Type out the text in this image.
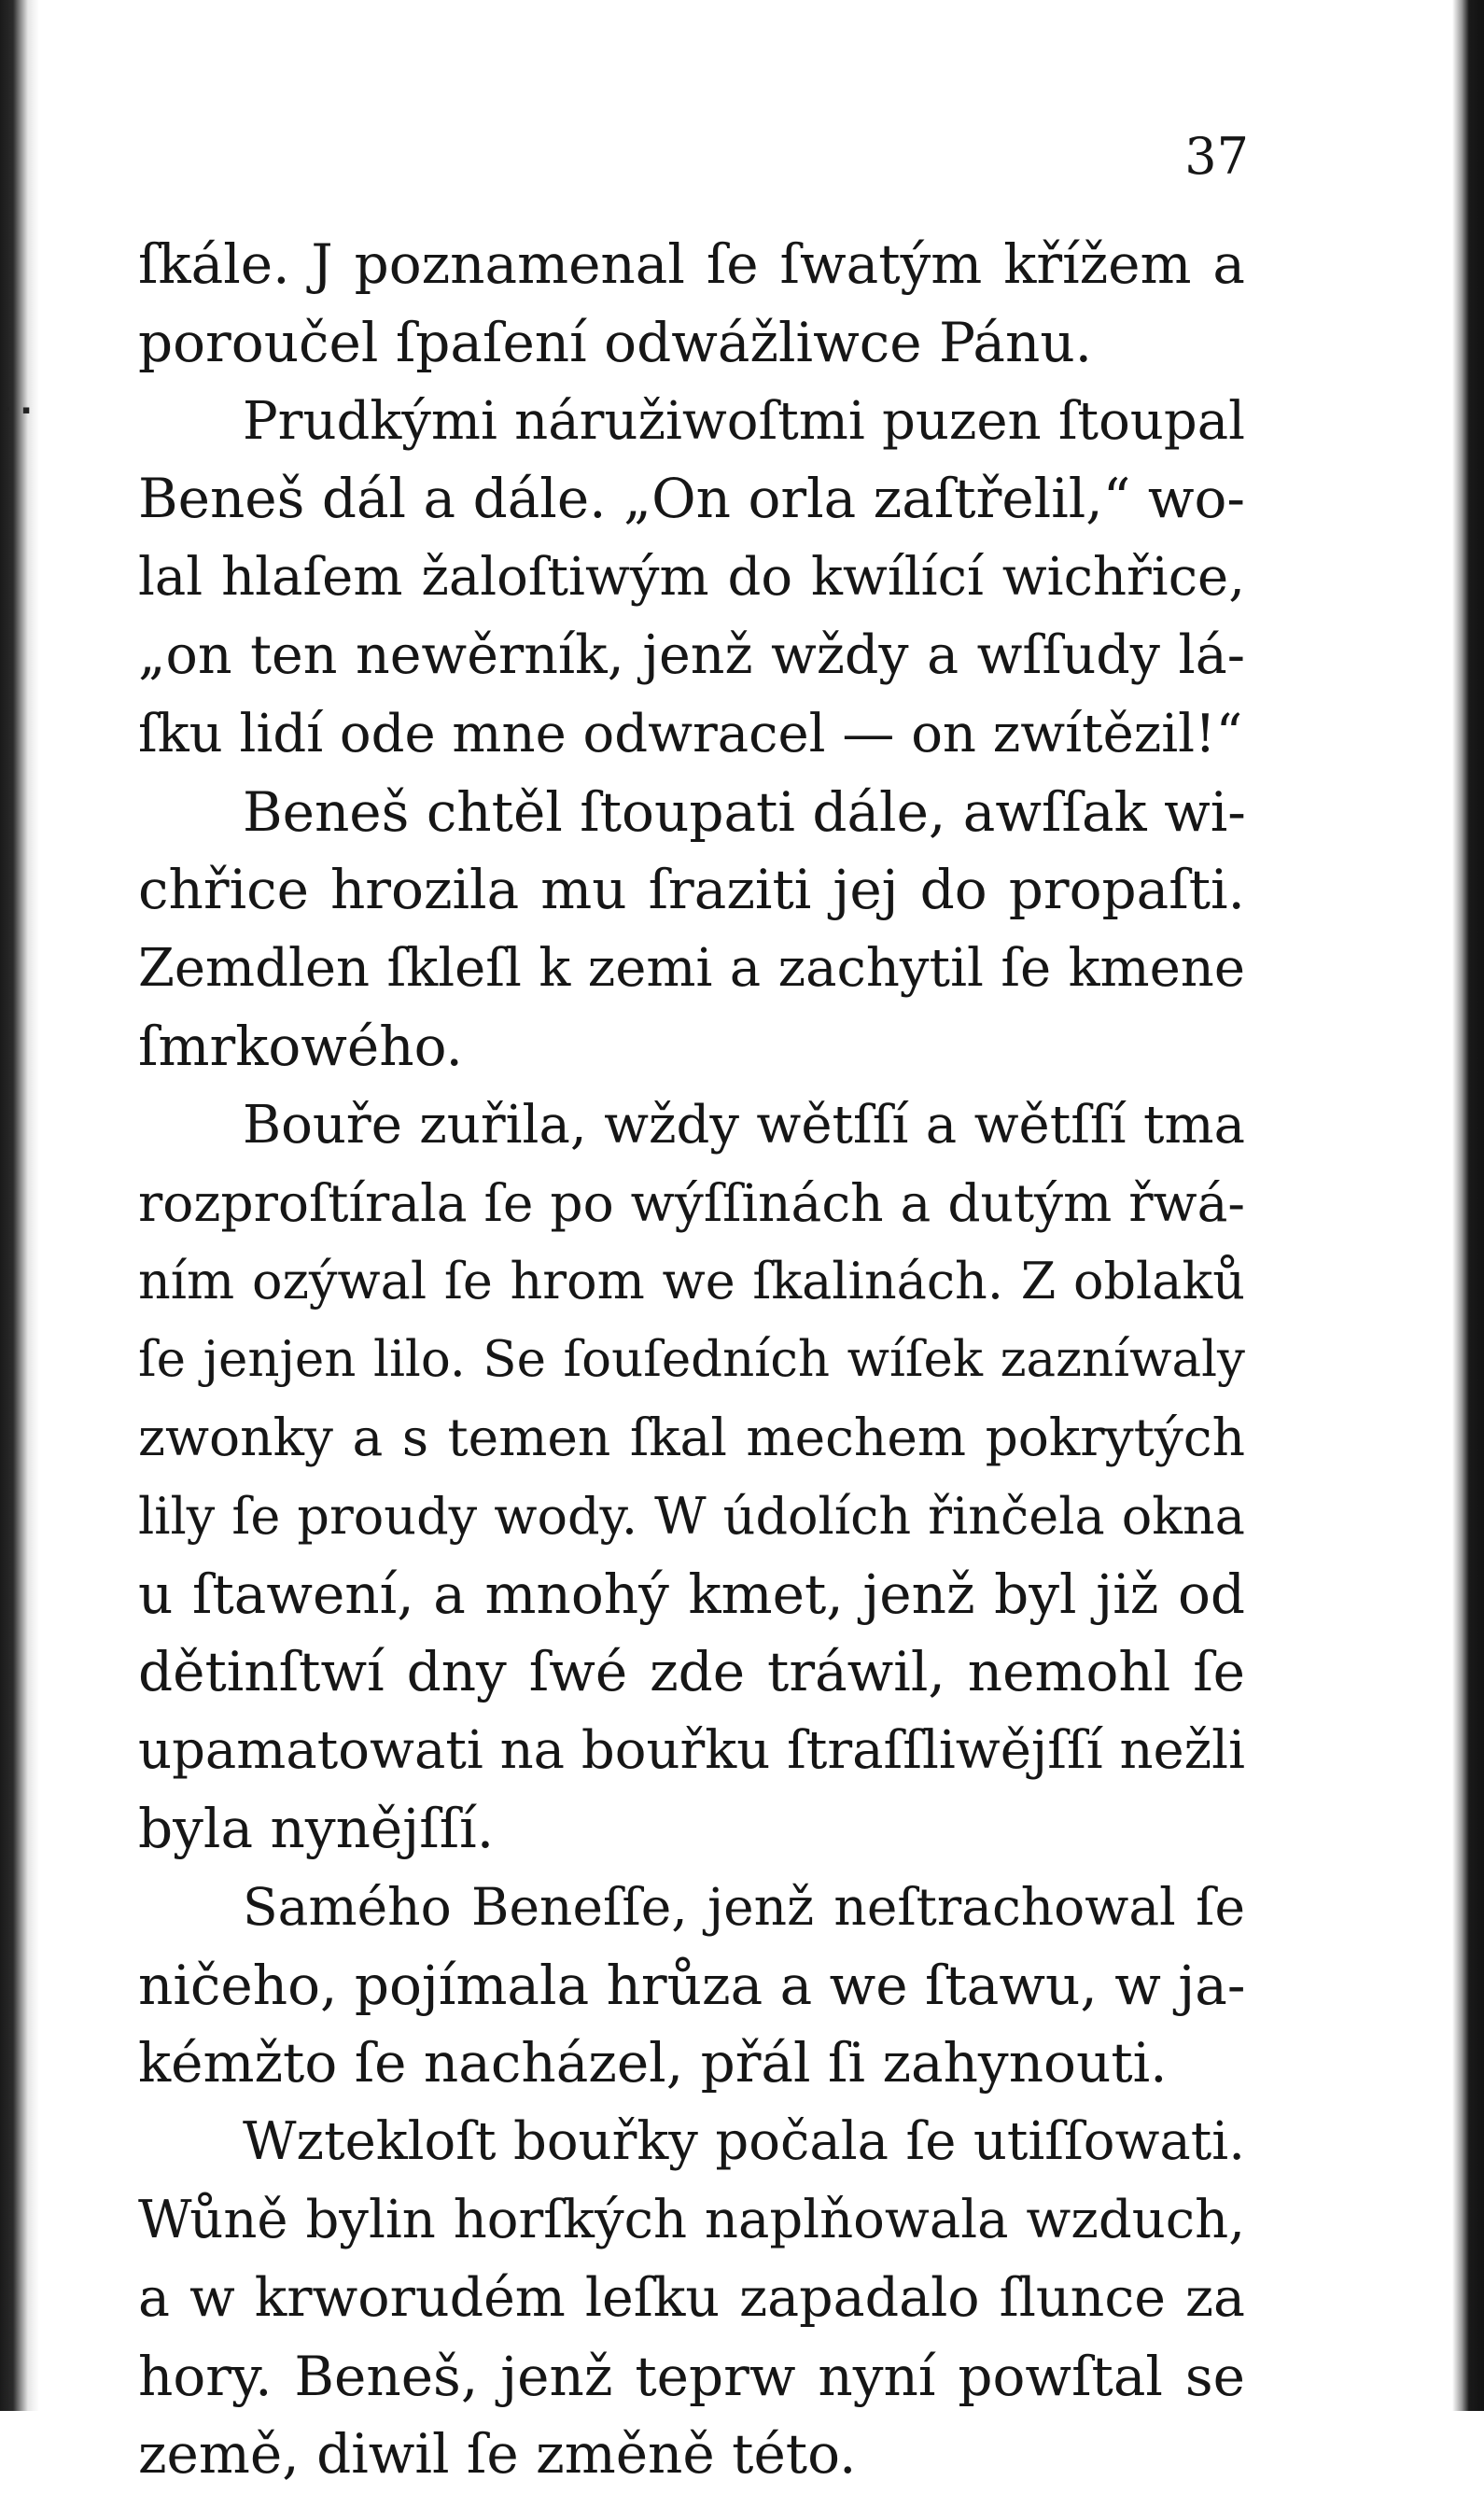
• ▪
37
ſkále. J poznamenal ſe ſwatým křížem a
poroučel ſpaſení odwážliwce Pánu.
Prudkými náružiwoſtmi puzen ſtoupal
Beneš dál a dále. „On orla zaſtřelil,“ wo-
lal hlaſem žaloſtiwým do kwílící wichřice,
„on ten newěrník, jenž wždy a wſſudy lá-
ſku lidí ode mne odwracel — on zwítězil!“
Beneš chtěl ſtoupati dále, awſſak wi-
chřice hrozila mu ſraziti jej do propaſti.
Zemdlen ſkleſl k zemi a zachytil ſe kmene
ſmrkowého.
Bouře zuřila, wždy wětſſí a wětſſí tma
rozproſtírala ſe po wýſſinách a dutým řwá-
ním ozýwal ſe hrom we ſkalinách. Z oblaků
ſe jenjen lilo. Se ſouſedních wíſek zazníwaly
zwonky a s temen ſkal mechem pokrytých
lily ſe proudy wody. W údolích řinčela okna
u ſtawení, a mnohý kmet, jenž byl již od
dětinſtwí dny ſwé zde tráwil, nemohl ſe
upamatowati na bouřku ſtraſſliwějſſí nežli
byla nyněјſſí.
Samého Beneſſe, jenž neſtrachowal ſe
ničeho, pojímala hrůza a we ſtawu, w ja-
kémžto ſe nacházel, přál ſi zahynouti.
Wztekloſt bouřky počala ſe utiſſowati.
Wůně bylin horſkých naplňowala wzduch,
a w krworudém leſku zapadalo ſlunce za
hory. Beneš, jenž teprw nyní powſtal se
země, diwil ſe změně této.
